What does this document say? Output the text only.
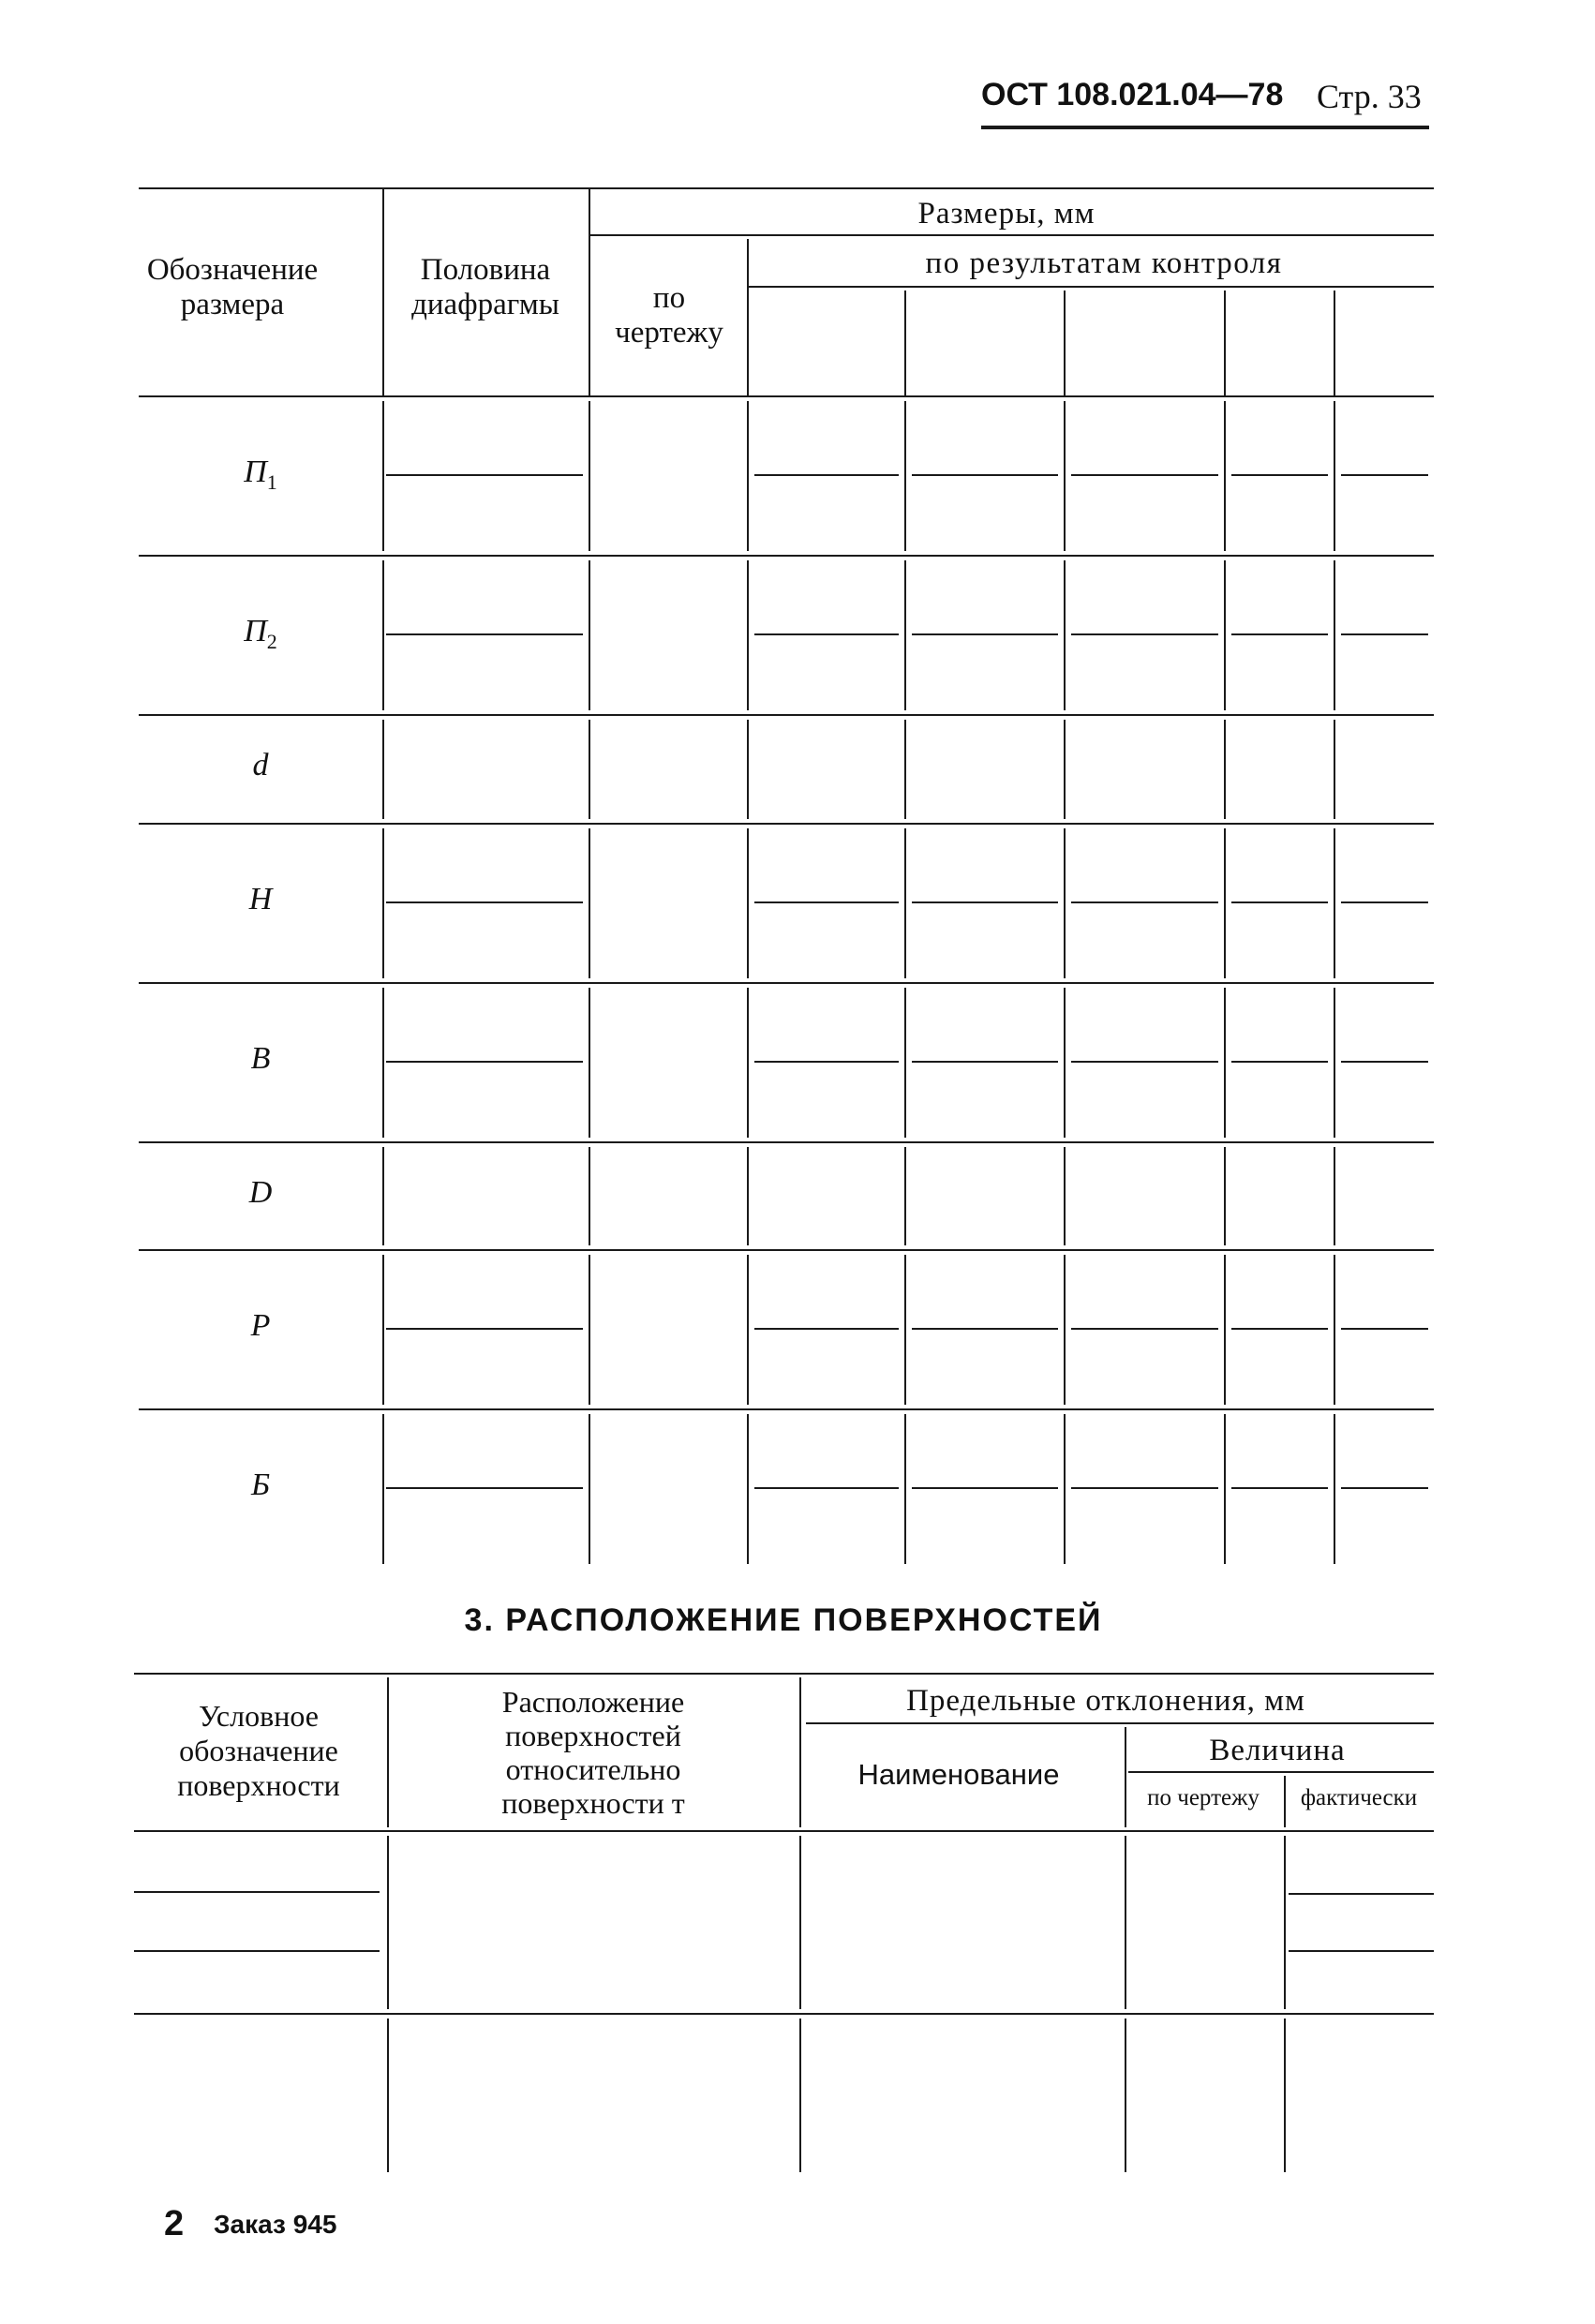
ОСТ 108.021.04—78 Стр. 33
$П_1$
$П_2$
d
H
B
D
P
Б
Обозначение размера
Половина диафрагмы
Размеры, мм
по чертежу
по результатам контроля
3. РАСПОЛОЖЕНИЕ ПОВЕРХНОСТЕЙ
Условное обозначение поверхности
Расположение поверхностей относительно поверхности т
Предельные отклонения, мм
Наименование
Величина
по чертежу фактически
2 Заказ 945
